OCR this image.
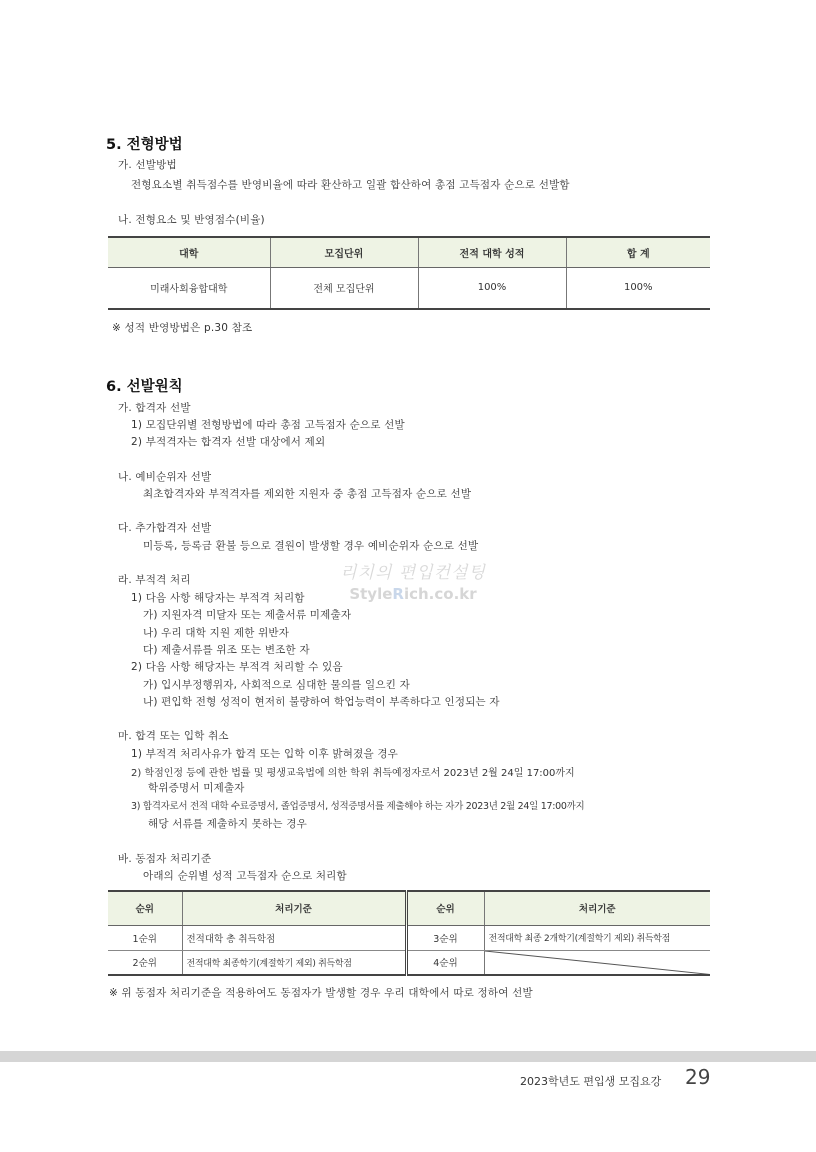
5. 전형방법
가. 선발방법
전형요소별 취득점수를 반영비율에 따라 환산하고 일괄 합산하여 총점 고득점자 순으로 선발함
나. 전형요소 및 반영점수(비율)
대학	모집단위	전적 대학 성적	합 계
미래사회융합대학	전체 모집단위	100%	100%
※ 성적 반영방법은 p.30 참조
6. 선발원칙
가. 합격자 선발
1) 모집단위별 전형방법에 따라 총점 고득점자 순으로 선발
2) 부적격자는 합격자 선발 대상에서 제외
나. 예비순위자 선발
최초합격자와 부적격자를 제외한 지원자 중 총점 고득점자 순으로 선발
다. 추가합격자 선발
미등록, 등록금 환불 등으로 결원이 발생할 경우 예비순위자 순으로 선발
라. 부적격 처리
1) 다음 사항 해당자는 부적격 처리함
가) 지원자격 미달자 또는 제출서류 미제출자
나) 우리 대학 지원 제한 위반자
다) 제출서류를 위조 또는 변조한 자
2) 다음 사항 해당자는 부적격 처리할 수 있음
가) 입시부정행위자, 사회적으로 심대한 물의를 일으킨 자
나) 편입학 전형 성적이 현저히 불량하여 학업능력이 부족하다고 인정되는 자
마. 합격 또는 입학 취소
1) 부적격 처리사유가 합격 또는 입학 이후 밝혀졌을 경우
2) 학점인정 등에 관한 법률 및 평생교육법에 의한 학위 취득예정자로서 2023년 2월 24일 17:00까지
학위증명서 미제출자
3) 합격자로서 전적 대학 수료증명서, 졸업증명서, 성적증명서를 제출해야 하는 자가 2023년 2월 24일 17:00까지
해당 서류를 제출하지 못하는 경우
바. 동점자 처리기준
아래의 순위별 성적 고득점자 순으로 처리함
순위	처리기준	순위	처리기준
1순위	전적대학 총 취득학점	3순위	전적대학 최종 2개학기(계절학기 제외) 취득학점
2순위	전적대학 최종학기(계절학기 제외) 취득학점	4순위	
※ 위 동점자 처리기준을 적용하여도 동점자가 발생할 경우 우리 대학에서 따로 정하여 선발
리치의 편입컨설팅
StyleRich.co.kr
2023학년도 편입생 모집요강 29
